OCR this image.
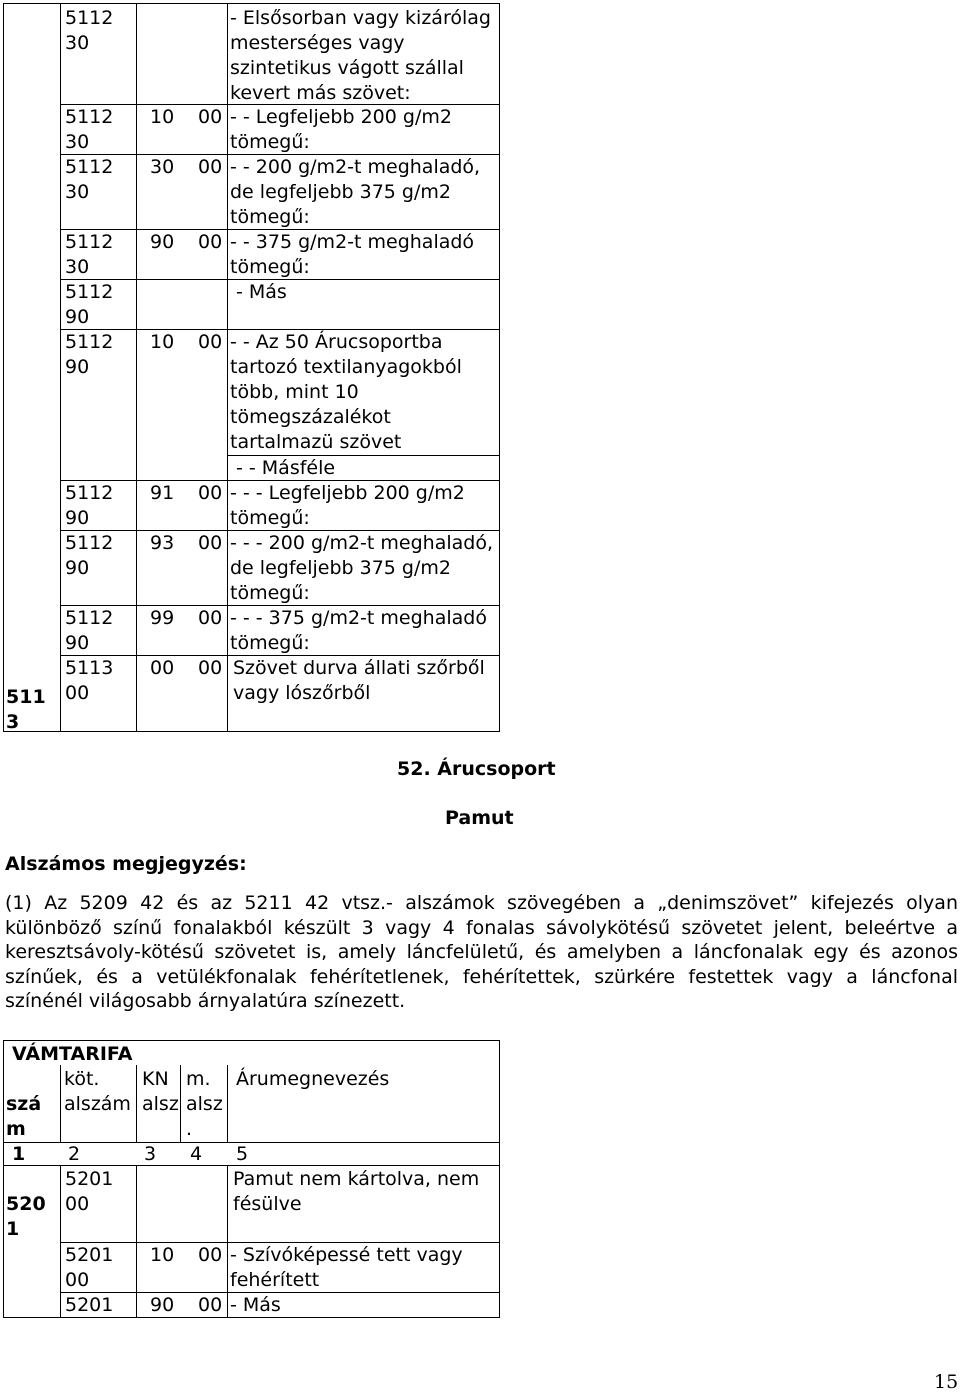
511 3
5112 30
- Elsősorban vagy kizárólag mesterséges vagy szintetikus vágott szállal kevert más szövet:
5112 30
10 00 - - Legfeljebb 200 g/m2 tömegű:
5112 30
30 00 - - 200 g/m2-t meghaladó, de legfeljebb 375 g/m2 tömegű:
5112 30
90 00 - - 375 g/m2-t meghaladó tömegű:
5112 90
- Más
5112 90
10 00 - - Az 50 Árucsoportba tartozó textilanyagokból több, mint 10 tömegszázalékot tartalmazü szövet
- - Másféle
5112 90
91 00 - - - Legfeljebb 200 g/m2 tömegű:
5112 90
93 00 - - - 200 g/m2-t meghaladó, de legfeljebb 375 g/m2 tömegű:
5112 90
99 00 - - - 375 g/m2-t meghaladó tömegű:
5113 00
00 00 Szövet durva állati szőrből vagy lószőrből
52. Árucsoport
Pamut
Alszámos megjegyzés:
(1) Az 5209 42 és az 5211 42 vtsz.- alszámok szövegében a „denimszövet” kifejezés olyan különböző színű fonalakból készült 3 vagy 4 fonalas sávolykötésű szövetet jelent, beleértve a keresztsávoly-kötésű szövetet is, amely láncfelületű, és amelyben a láncfonalak egy és azonos színűek, és a vetülékfonalak fehérítetlenek, fehérítettek, szürkére festettek vagy a láncfonal színénél világosabb árnyalatúra színezett.
VÁMTARIFA
szá m
köt. alszám
KN alsz
m. alsz .
Árumegnevezés
1 2	3 4 5
520 1
5201 00
Pamut nem kártolva, nem fésülve
5201 00
10 00 - Szívóképessé tett vagy fehérített
5201	90 00 - Más
15
